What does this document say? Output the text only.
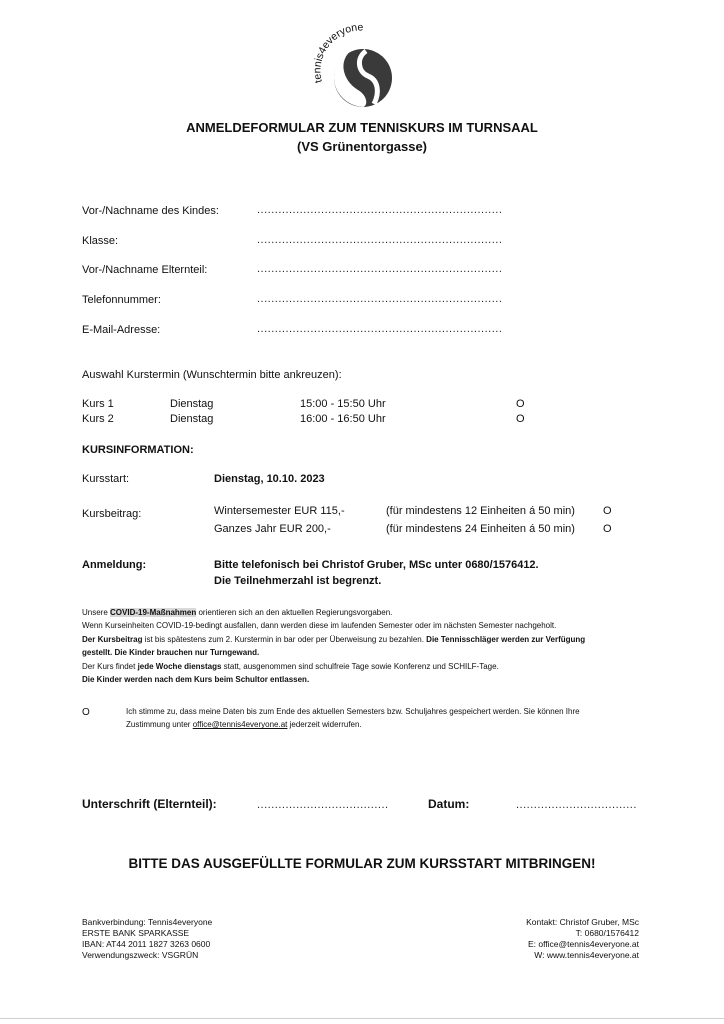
tennis4everyone
ANMELDEFORMULAR ZUM TENNISKURS IM TURNSAAL
(VS Grünentorgasse)
Vor-/Nachname des Kindes:	.....................................................................
Klasse:	.....................................................................
Vor-/Nachname Elternteil:	.....................................................................
Telefonnummer:	.....................................................................
E-Mail-Adresse:	.....................................................................
Auswahl Kurstermin (Wunschtermin bitte ankreuzen):
Kurs 1	Dienstag	15:00 - 15:50 Uhr	O
Kurs 2	Dienstag	16:00 - 16:50 Uhr	O
KURSINFORMATION:
Kursstart:	Dienstag, 10.10. 2023
Kursbeitrag:	Wintersemester EUR 115,-	(für mindestens 12 Einheiten á 50 min)	O
Ganzes Jahr EUR 200,-	(für mindestens 24 Einheiten á 50 min)	O
Anmeldung:	Bitte telefonisch bei Christof Gruber, MSc unter 0680/1576412.
Die Teilnehmerzahl ist begrenzt.

Unsere COVID-19-Maßnahmen orientieren sich an den aktuellen Regierungsvorgaben.

Wenn Kurseinheiten COVID-19-bedingt ausfallen, dann werden diese im laufenden Semester oder im nächsten Semester nachgeholt.

Der Kursbeitrag ist bis spätestens zum 2. Kurstermin in bar oder per Überweisung zu bezahlen. Die Tennisschläger werden zur Verfügung

gestellt. Die Kinder brauchen nur Turngewand.

Der Kurs findet jede Woche dienstags statt, ausgenommen sind schulfreie Tage sowie Konferenz und SCHILF-Tage.

Die Kinder werden nach dem Kurs beim Schultor entlassen.

O	Ich stimme zu, dass meine Daten bis zum Ende des aktuellen Semesters bzw. Schuljahres gespeichert werden. Sie können Ihre

Zustimmung unter office@tennis4everyone.at jederzeit widerrufen.

Unterschrift (Elternteil):	.....................................	Datum:	..................................
BITTE DAS AUSGEFÜLLTE FORMULAR ZUM KURSSTART MITBRINGEN!
Bankverbindung: Tennis4everyone
ERSTE BANK SPARKASSE
IBAN: AT44 2011 1827 3263 0600
Verwendungszweck: VSGRÜN
Kontakt: Christof Gruber, MSc
T: 0680/1576412
E: office@tennis4everyone.at
W: www.tennis4everyone.at
